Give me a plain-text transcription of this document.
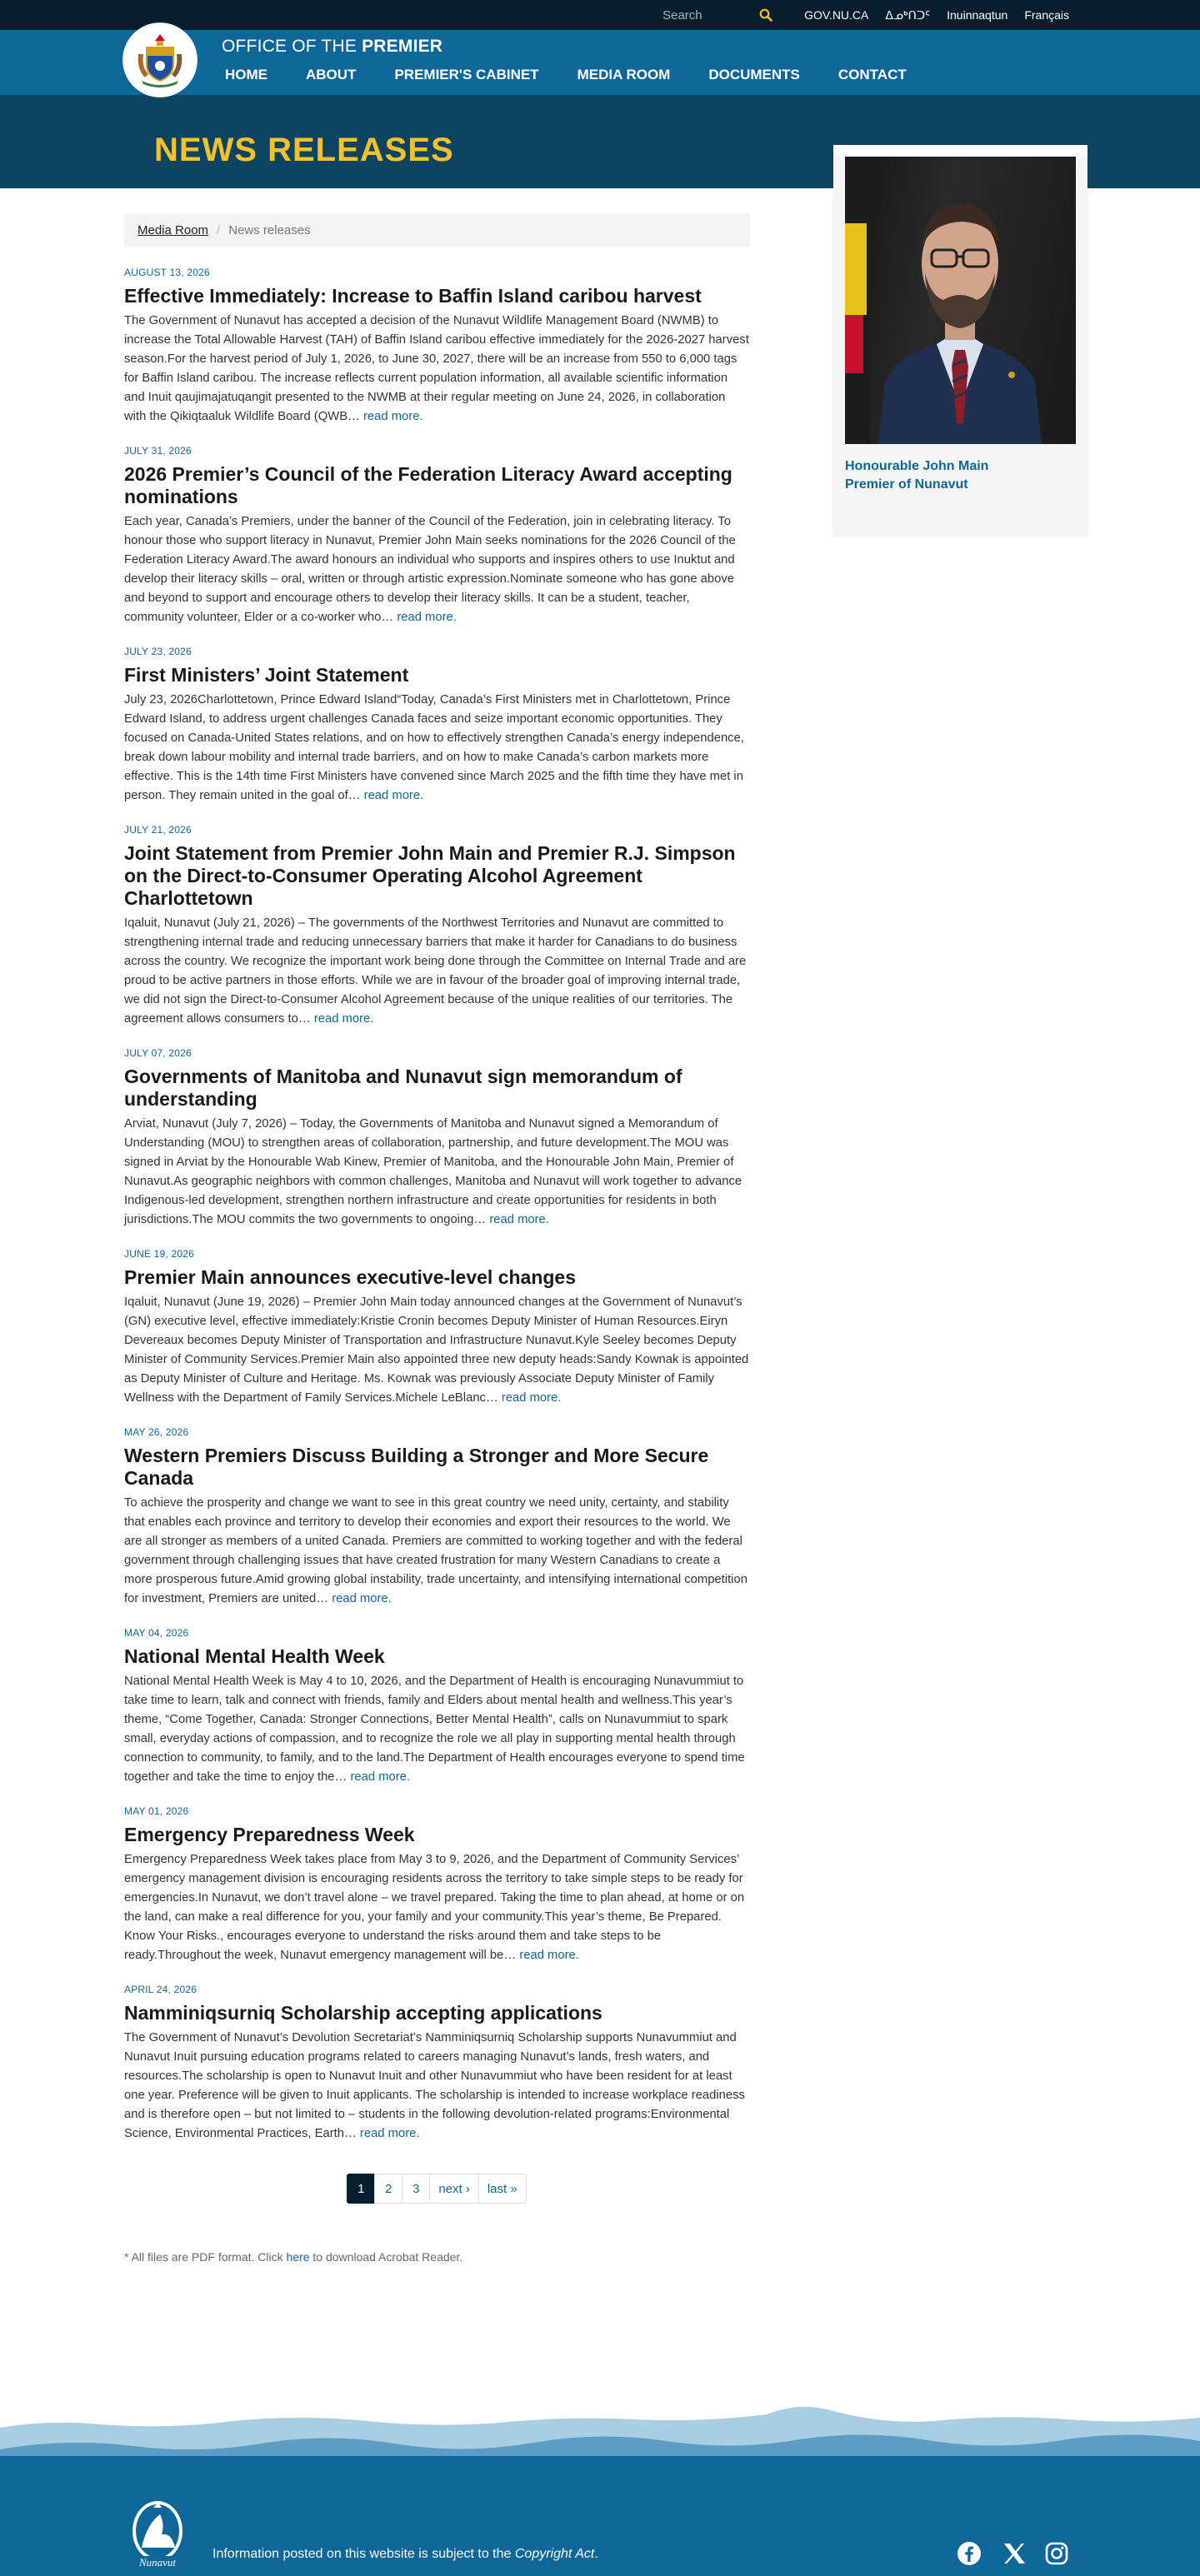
Search
GOV.NU.CA ᐃᓄᒃᑎᑐᑦ Inuinnaqtun Français
OFFICE OF THE PREMIER
HOME	ABOUT	PREMIER'S CABINET	MEDIA ROOM	DOCUMENTS	CONTACT
NEWS RELEASES
Media Room / News releases
AUGUST 13, 2026
Effective Immediately: Increase to Baffin Island caribou harvest
The Government of Nunavut has accepted a decision of the Nunavut Wildlife Management Board (NWMB) to increase the Total Allowable Harvest (TAH) of Baffin Island caribou effective immediately for the 2026-2027 harvest season.For the harvest period of July 1, 2026, to June 30, 2027, there will be an increase from 550 to 6,000 tags for Baffin Island caribou. The increase reflects current population information, all available scientific information and Inuit qaujimajatuqangit presented to the NWMB at their regular meeting on June 24, 2026, in collaboration with the Qikiqtaaluk Wildlife Board (QWB… read more.
JULY 31, 2026
2026 Premier’s Council of the Federation Literacy Award accepting nominations
Each year, Canada’s Premiers, under the banner of the Council of the Federation, join in celebrating literacy. To honour those who support literacy in Nunavut, Premier John Main seeks nominations for the 2026 Council of the Federation Literacy Award.The award honours an individual who supports and inspires others to use Inuktut and develop their literacy skills – oral, written or through artistic expression.Nominate someone who has gone above and beyond to support and encourage others to develop their literacy skills. It can be a student, teacher, community volunteer, Elder or a co-worker who… read more.
JULY 23, 2026
First Ministers’ Joint Statement
July 23, 2026Charlottetown, Prince Edward Island“Today, Canada’s First Ministers met in Charlottetown, Prince Edward Island, to address urgent challenges Canada faces and seize important economic opportunities. They focused on Canada-United States relations, and on how to effectively strengthen Canada’s energy independence, break down labour mobility and internal trade barriers, and on how to make Canada’s carbon markets more effective. This is the 14th time First Ministers have convened since March 2025 and the fifth time they have met in person. They remain united in the goal of… read more.
JULY 21, 2026
Joint Statement from Premier John Main and Premier R.J. Simpson on the Direct-to-Consumer Operating Alcohol Agreement Charlottetown
Iqaluit, Nunavut (July 21, 2026) – The governments of the Northwest Territories and Nunavut are committed to strengthening internal trade and reducing unnecessary barriers that make it harder for Canadians to do business across the country. We recognize the important work being done through the Committee on Internal Trade and are proud to be active partners in those efforts. While we are in favour of the broader goal of improving internal trade, we did not sign the Direct-to-Consumer Alcohol Agreement because of the unique realities of our territories. The agreement allows consumers to… read more.
JULY 07, 2026
Governments of Manitoba and Nunavut sign memorandum of understanding
Arviat, Nunavut (July 7, 2026) – Today, the Governments of Manitoba and Nunavut signed a Memorandum of Understanding (MOU) to strengthen areas of collaboration, partnership, and future development.The MOU was signed in Arviat by the Honourable Wab Kinew, Premier of Manitoba, and the Honourable John Main, Premier of Nunavut.As geographic neighbors with common challenges, Manitoba and Nunavut will work together to advance Indigenous-led development, strengthen northern infrastructure and create opportunities for residents in both jurisdictions.The MOU commits the two governments to ongoing… read more.
JUNE 19, 2026
Premier Main announces executive-level changes
Iqaluit, Nunavut (June 19, 2026) – Premier John Main today announced changes at the Government of Nunavut’s (GN) executive level, effective immediately:Kristie Cronin becomes Deputy Minister of Human Resources.Eiryn Devereaux becomes Deputy Minister of Transportation and Infrastructure Nunavut.Kyle Seeley becomes Deputy Minister of Community Services.Premier Main also appointed three new deputy heads:Sandy Kownak is appointed as Deputy Minister of Culture and Heritage. Ms. Kownak was previously Associate Deputy Minister of Family Wellness with the Department of Family Services.Michele LeBlanc… read more.
MAY 26, 2026
Western Premiers Discuss Building a Stronger and More Secure Canada
To achieve the prosperity and change we want to see in this great country we need unity, certainty, and stability that enables each province and territory to develop their economies and export their resources to the world. We are all stronger as members of a united Canada. Premiers are committed to working together and with the federal government through challenging issues that have created frustration for many Western Canadians to create a more prosperous future.Amid growing global instability, trade uncertainty, and intensifying international competition for investment, Premiers are united… read more.
MAY 04, 2026
National Mental Health Week
National Mental Health Week is May 4 to 10, 2026, and the Department of Health is encouraging Nunavummiut to take time to learn, talk and connect with friends, family and Elders about mental health and wellness.This year’s theme, “Come Together, Canada: Stronger Connections, Better Mental Health”, calls on Nunavummiut to spark small, everyday actions of compassion, and to recognize the role we all play in supporting mental health through connection to community, to family, and to the land.The Department of Health encourages everyone to spend time together and take the time to enjoy the… read more.
MAY 01, 2026
Emergency Preparedness Week
Emergency Preparedness Week takes place from May 3 to 9, 2026, and the Department of Community Services’ emergency management division is encouraging residents across the territory to take simple steps to be ready for emergencies.In Nunavut, we don’t travel alone – we travel prepared. Taking the time to plan ahead, at home or on the land, can make a real difference for you, your family and your community.This year’s theme, Be Prepared. Know Your Risks., encourages everyone to understand the risks around them and take steps to be ready.Throughout the week, Nunavut emergency management will be… read more.
APRIL 24, 2026
Namminiqsurniq Scholarship accepting applications
The Government of Nunavut’s Devolution Secretariat’s Namminiqsurniq Scholarship supports Nunavummiut and Nunavut Inuit pursuing education programs related to careers managing Nunavut’s lands, fresh waters, and resources.The scholarship is open to Nunavut Inuit and other Nunavummiut who have been resident for at least one year. Preference will be given to Inuit applicants. The scholarship is intended to increase workplace readiness and is therefore open – but not limited to – students in the following devolution-related programs:Environmental Science, Environmental Practices, Earth… read more.
1	2	3	next ›	last »
* All files are PDF format. Click here to download Acrobat Reader.
Honourable John Main
Premier of Nunavut
Nunavut
Information posted on this website is subject to the Copyright Act.
